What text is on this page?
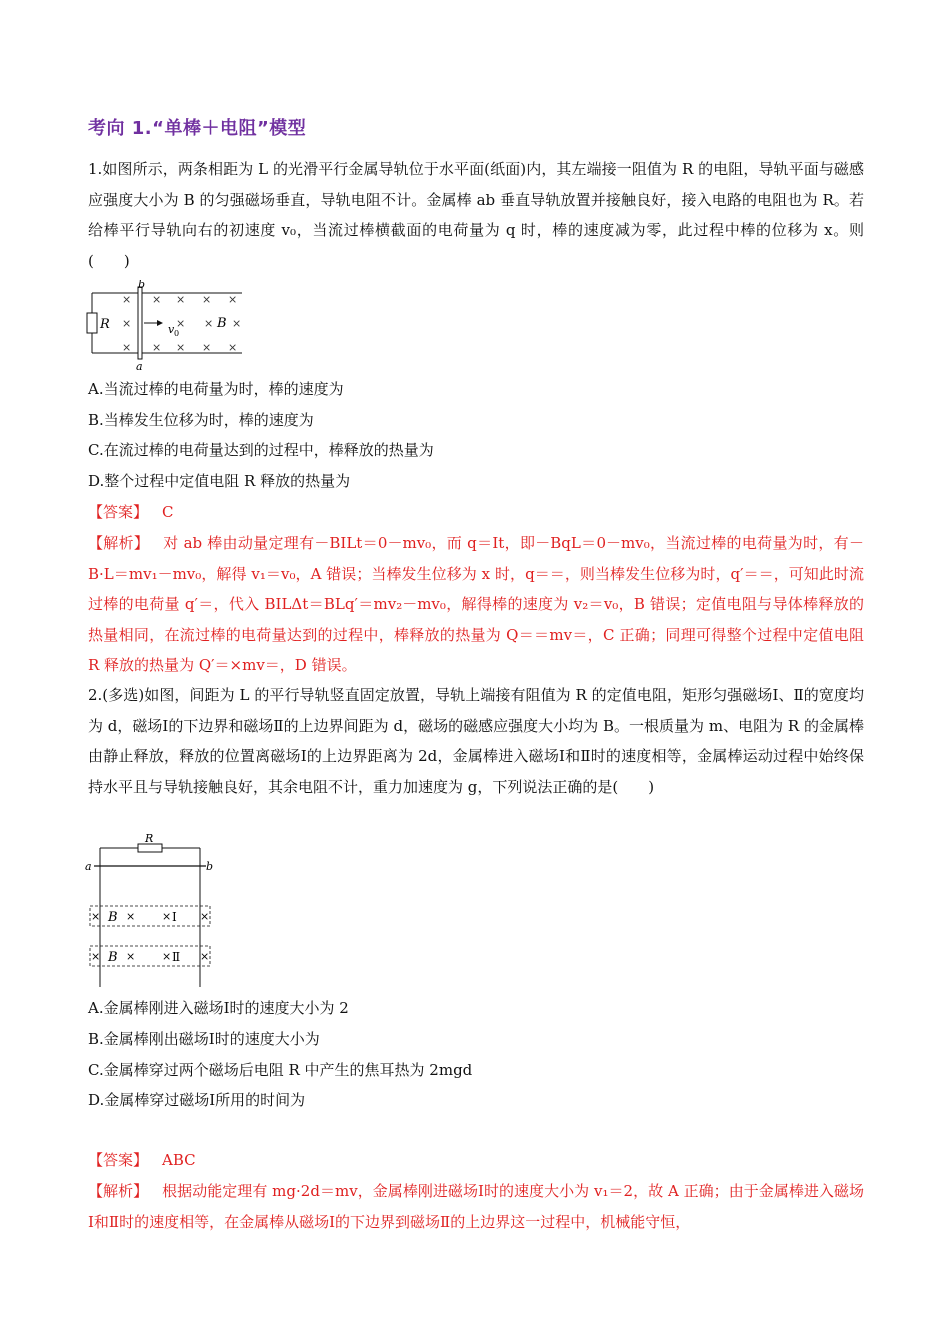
考向 1.“单棒＋电阻”模型
1.如图所示，两条相距为 L 的光滑平行金属导轨位于水平面(纸面)内，其左端接一阻值为 R 的电阻，导轨平面与磁感应强度大小为 B 的匀强磁场垂直，导轨电阻不计。金属棒 ab 垂直导轨放置并接触良好，接入电路的电阻也为 R。若给棒平行导轨向右的初速度 v₀，当流过棒横截面的电荷量为 q 时，棒的速度减为零，此过程中棒的位移为 x。则(　　)
b
a
R
×
×
×
× × × ×
× × ×
× × × ×
v 0
B
A.当流过棒的电荷量为时，棒的速度为
B.当棒发生位移为时，棒的速度为
C.在流过棒的电荷量达到的过程中，棒释放的热量为
D.整个过程中定值电阻 R 释放的热量为
【答案】 C
【解析】 对 ab 棒由动量定理有－BILt＝0－mv₀，而 q＝It，即－BqL＝0－mv₀，当流过棒的电荷量为时，有－B·L＝mv₁－mv₀，解得 v₁＝v₀，A 错误；当棒发生位移为 x 时，q＝＝，则当棒发生位移为时，q′＝＝，可知此时流过棒的电荷量 q′＝，代入 BILΔt＝BLq′＝mv₂－mv₀，解得棒的速度为 v₂＝v₀，B 错误；定值电阻与导体棒释放的热量相同，在流过棒的电荷量达到的过程中，棒释放的热量为 Q＝＝mv＝，C 正确；同理可得整个过程中定值电阻 R 释放的热量为 Q′＝×mv＝，D 错误。
2.(多选)如图，间距为 L 的平行导轨竖直固定放置，导轨上端接有阻值为 R 的定值电阻，矩形匀强磁场Ⅰ、Ⅱ的宽度均为 d，磁场Ⅰ的下边界和磁场Ⅱ的上边界间距为 d，磁场的磁感应强度大小均为 B。一根质量为 m、电阻为 R 的金属棒由静止释放，释放的位置离磁场Ⅰ的上边界距离为 2d，金属棒进入磁场Ⅰ和Ⅱ时的速度相等，金属棒运动过程中始终保持水平且与导轨接触良好，其余电阻不计，重力加速度为 g，下列说法正确的是(　　)
R
a	b
× B × × Ⅰ ×
× B × × Ⅱ ×
A.金属棒刚进入磁场Ⅰ时的速度大小为 2
B.金属棒刚出磁场Ⅰ时的速度大小为
C.金属棒穿过两个磁场后电阻 R 中产生的焦耳热为 2mgd
D.金属棒穿过磁场Ⅰ所用的时间为
【答案】 ABC
【解析】 根据动能定理有 mg·2d＝mv，金属棒刚进磁场Ⅰ时的速度大小为 v₁＝2，故 A 正确；由于金属棒进入磁场Ⅰ和Ⅱ时的速度相等，在金属棒从磁场Ⅰ的下边界到磁场Ⅱ的上边界这一过程中，机械能守恒，
